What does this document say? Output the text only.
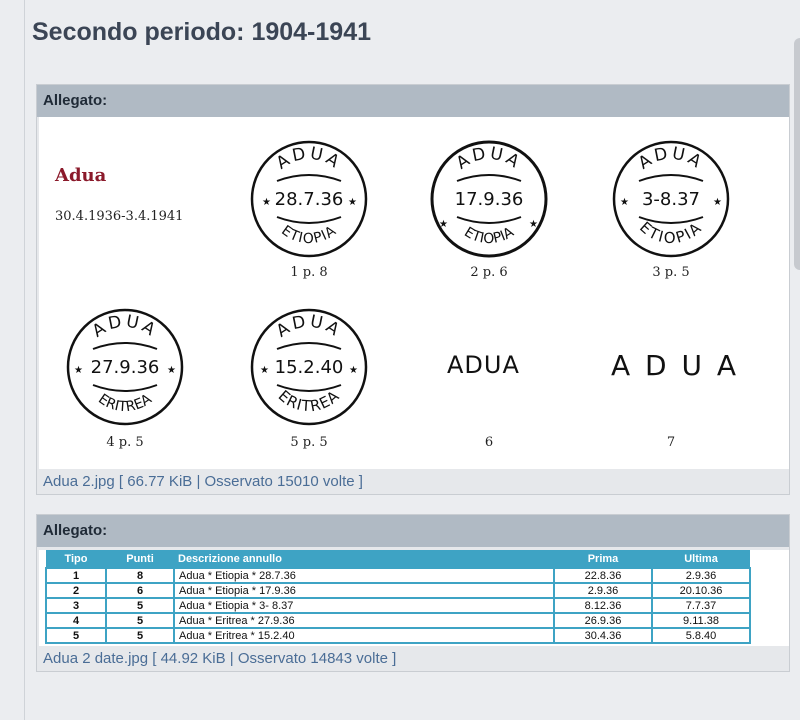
Secondo periodo: 1904-1941
Allegato:
Adua
30.4.1936-3.4.1941
ADUA
28.7.36
★	★
ETIOPIA
1 p. 8
ADUA
17.9.36
★	★
ETIOPIA
2 p. 6
ADUA
3-8.37
★	★
ETIOPIA
3 p. 5
ADUA
27.9.36
★	★
ERITREA
4 p. 5
ADUA
15.2.40
★	★
ERITREA
5 p. 5
ADUA
6
A D U A
7
Adua 2.jpg [ 66.77 KiB | Osservato 15010 volte ]
Allegato:
Tipo	Punti	Descrizione annullo	Prima	Ultima
1	8	Adua * Etiopia * 28.7.36	22.8.36	2.9.36
2	6	Adua * Etiopia * 17.9.36	2.9.36	20.10.36
3	5	Adua * Etiopia * 3- 8.37	8.12.36	7.7.37
4	5	Adua * Eritrea * 27.9.36	26.9.36	9.11.38
5	5	Adua * Eritrea * 15.2.40	30.4.36	5.8.40
Adua 2 date.jpg [ 44.92 KiB | Osservato 14843 volte ]
